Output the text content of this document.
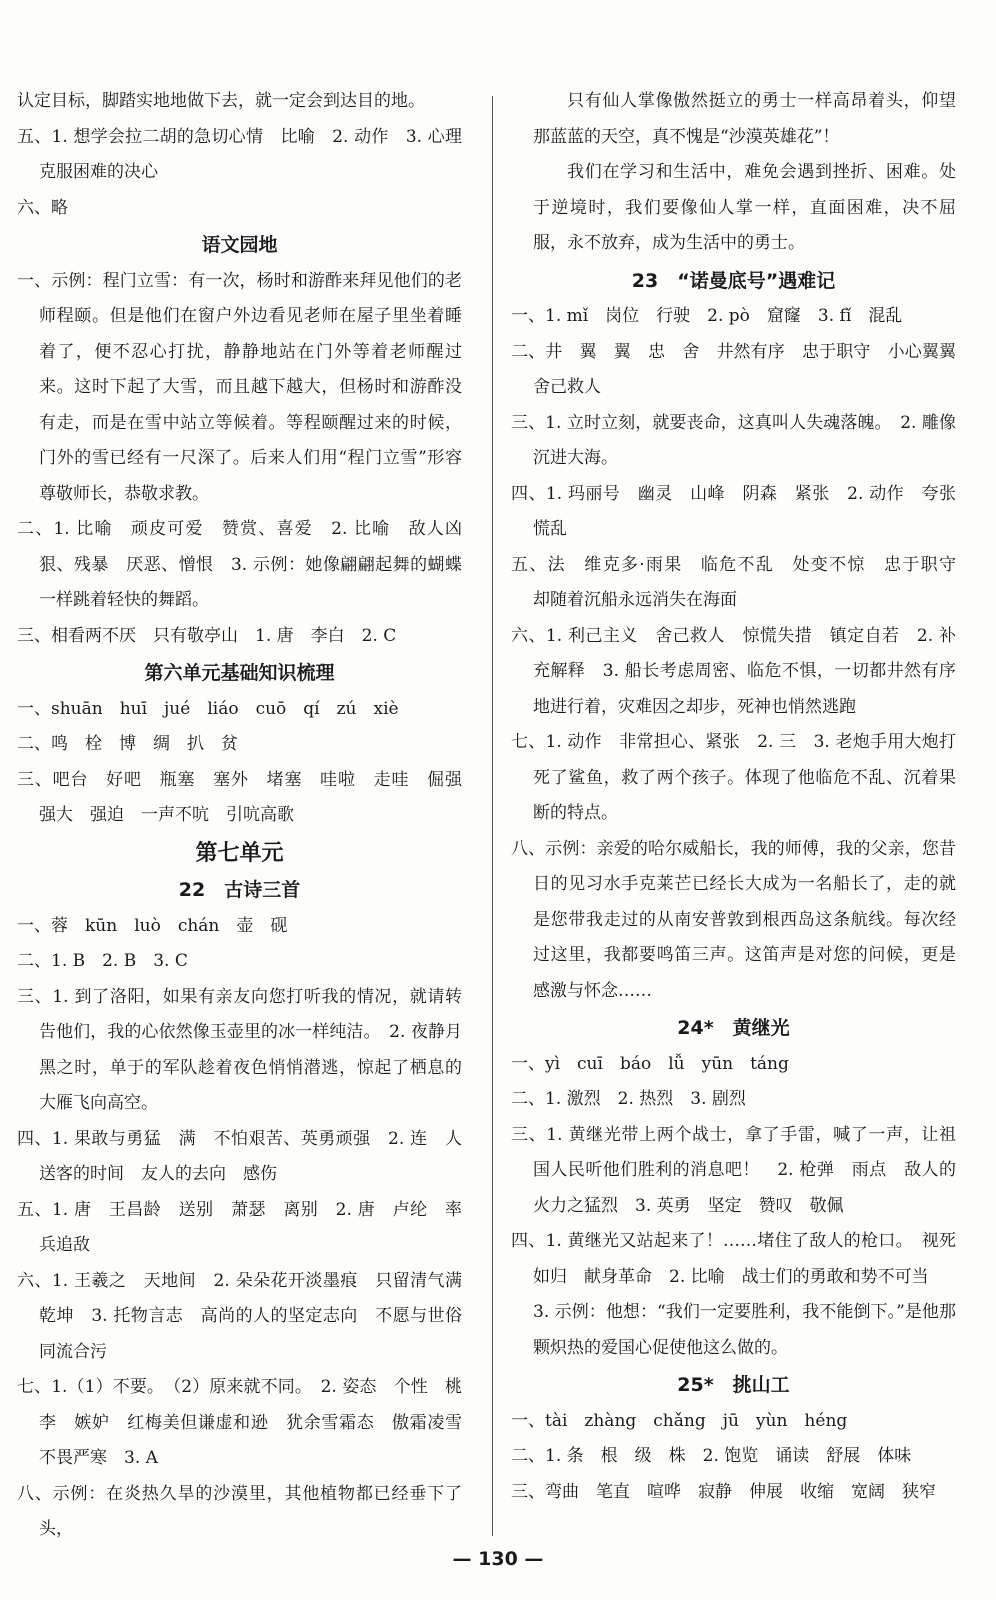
认定目标，脚踏实地地做下去，就一定会到达目的地。
五、1. 想学会拉二胡的急切心情　比喻　2. 动作　3. 心理　克服困难的决心
六、略
语文园地
一、示例：程门立雪：有一次，杨时和游酢来拜见他们的老师程颐。但是他们在窗户外边看见老师在屋子里坐着睡着了，便不忍心打扰，静静地站在门外等着老师醒过来。这时下起了大雪，而且越下越大，但杨时和游酢没有走，而是在雪中站立等候着。等程颐醒过来的时候，门外的雪已经有一尺深了。后来人们用“程门立雪”形容尊敬师长，恭敬求教。
二、1. 比喻　顽皮可爱　赞赏、喜爱　2. 比喻　敌人凶狠、残暴　厌恶、憎恨　3. 示例：她像翩翩起舞的蝴蝶一样跳着轻快的舞蹈。
三、相看两不厌　只有敬亭山　1. 唐　李白　2. C
第六单元基础知识梳理
一、shuān　huī　jué　liáo　cuō　qí　zú　xiè
二、鸣　栓　博　绸　扒　贫
三、吧台　好吧　瓶塞　塞外　堵塞　哇啦　走哇　倔强　强大　强迫　一声不吭　引吭高歌
第七单元
22　古诗三首
一、蓉　kūn　luò　chán　壶　砚
二、1. B　2. B　3. C
三、1. 到了洛阳，如果有亲友向您打听我的情况，就请转告他们，我的心依然像玉壶里的冰一样纯洁。　2. 夜静月黑之时，单于的军队趁着夜色悄悄潜逃，惊起了栖息的大雁飞向高空。
四、1. 果敢与勇猛　满　不怕艰苦、英勇顽强　2. 连　人　送客的时间　友人的去向　感伤
五、1. 唐　王昌龄　送别　萧瑟　离别　2. 唐　卢纶　率兵追敌
六、1. 王羲之　天地间　2. 朵朵花开淡墨痕　只留清气满乾坤　3. 托物言志　高尚的人的坚定志向　不愿与世俗同流合污
七、1.（1）不要。　（2）原来就不同。　2. 姿态　个性　桃李　嫉妒　红梅美但谦虚和逊　犹余雪霜态　傲霜凌雪　不畏严寒　3. A
八、示例：在炎热久旱的沙漠里，其他植物都已经垂下了头，
只有仙人掌像傲然挺立的勇士一样高昂着头，仰望那蓝蓝的天空，真不愧是“沙漠英雄花”！
我们在学习和生活中，难免会遇到挫折、困难。处于逆境时，我们要像仙人掌一样，直面困难，决不屈服，永不放弃，成为生活中的勇士。
23　“诺曼底号”遇难记
一、1. mǐ　岗位　行驶　2. pò　窟窿　3. fǐ　混乱
二、井　翼　翼　忠　舍　井然有序　忠于职守　小心翼翼　舍己救人
三、1. 立时立刻，就要丧命，这真叫人失魂落魄。　2. 雕像沉进大海。
四、1. 玛丽号　幽灵　山峰　阴森　紧张　2. 动作　夸张　慌乱
五、法　维克多·雨果　临危不乱　处变不惊　忠于职守　却随着沉船永远消失在海面
六、1. 利己主义　舍己救人　惊慌失措　镇定自若　2. 补充解释　3. 船长考虑周密、临危不惧，一切都井然有序地进行着，灾难因之却步，死神也悄然逃跑
七、1. 动作　非常担心、紧张　2. 三　3. 老炮手用大炮打死了鲨鱼，救了两个孩子。体现了他临危不乱、沉着果断的特点。
八、示例：亲爱的哈尔威船长，我的师傅，我的父亲，您昔日的见习水手克莱芒已经长大成为一名船长了，走的就是您带我走过的从南安普敦到根西岛这条航线。每次经过这里，我都要鸣笛三声。这笛声是对您的问候，更是感激与怀念……
24*　黄继光
一、yì　cuī　báo　lǚ　yūn　táng
二、1. 激烈　2. 热烈　3. 剧烈
三、1. 黄继光带上两个战士，拿了手雷，喊了一声，让祖国人民听他们胜利的消息吧！　2. 枪弹　雨点　敌人的火力之猛烈　3. 英勇　坚定　赞叹　敬佩
四、1. 黄继光又站起来了！……堵住了敌人的枪口。　视死如归　献身革命　2. 比喻　战士们的勇敢和势不可当
3. 示例：他想：“我们一定要胜利，我不能倒下。”是他那颗炽热的爱国心促使他这么做的。
25*　挑山工
一、tài　zhàng　chǎng　jū　yùn　héng
二、1. 条　根　级　株　2. 饱览　诵读　舒展　体味
三、弯曲　笔直　喧哗　寂静　伸展　收缩　宽阔　狭窄
— 130 —
